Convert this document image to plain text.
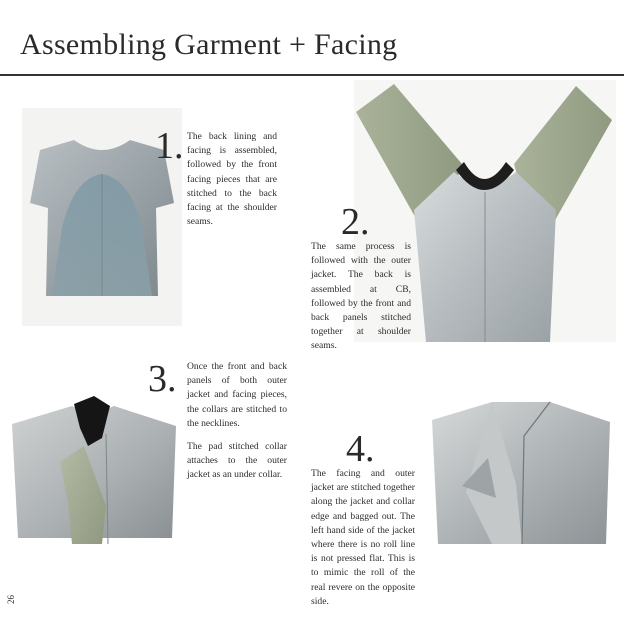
Assembling Garment + Facing
1. The back lining and facing is assembled, followed by the front facing pieces that are stitched to the back facing at the shoulder seams.	2.

The same process is followed with the outer jacket. The back is assembled at CB, followed by the front and back panels stitched together at shoulder seams.

3. Once the front and back panels of both outer jacket and facing pieces, the collars are stitched to the necklines.

The pad stitched collar attaches to the outer jacket as an under collar.

4.

The facing and outer jacket are stitched together along the jacket and collar edge and bagged out. The left hand side of the jacket where there is no roll line is not pressed flat. This is to mimic the roll of the real revere on the opposite side.

26
三九公社
